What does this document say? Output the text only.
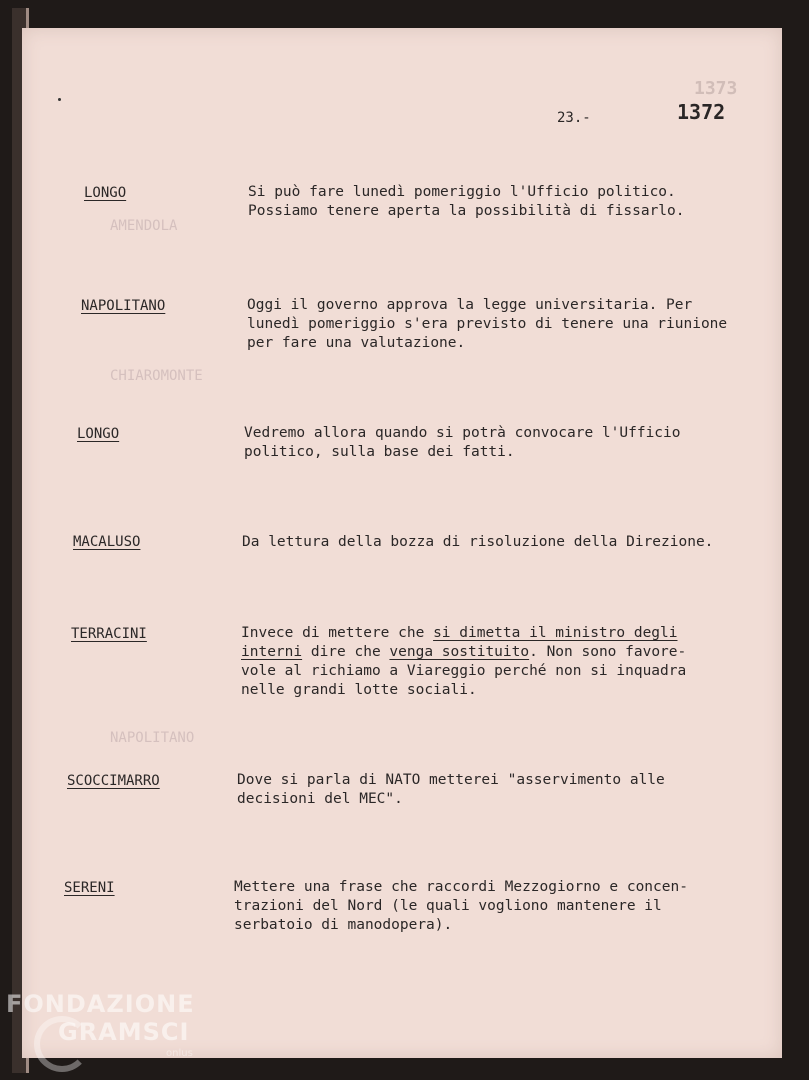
AMENDOLA
CHIAROMONTE
NAPOLITANO
1373
23.-	1372
LONGO	Si può fare lunedì pomeriggio l'Ufficio politico.
Possiamo tenere aperta la possibilità di fissarlo.
NAPOLITANO	Oggi il governo approva la legge universitaria. Per
lunedì pomeriggio s'era previsto di tenere una riunione
per fare una valutazione.
LONGO	Vedremo allora quando si potrà convocare l'Ufficio
politico, sulla base dei fatti.
MACALUSO	Da lettura della bozza di risoluzione della Direzione.
TERRACINI	Invece di mettere che si dimetta il ministro degli
interni dire che venga sostituito. Non sono favore-
vole al richiamo a Viareggio perché non si inquadra
nelle grandi lotte sociali.
SCOCCIMARRO	Dove si parla di NATO metterei "asservimento alle
decisioni del MEC".
SERENI	Mettere una frase che raccordi Mezzogiorno e concen-
trazioni del Nord (le quali vogliono mantenere il
serbatoio di manodopera).
FONDAZIONE
GRAMSCI
onlus
